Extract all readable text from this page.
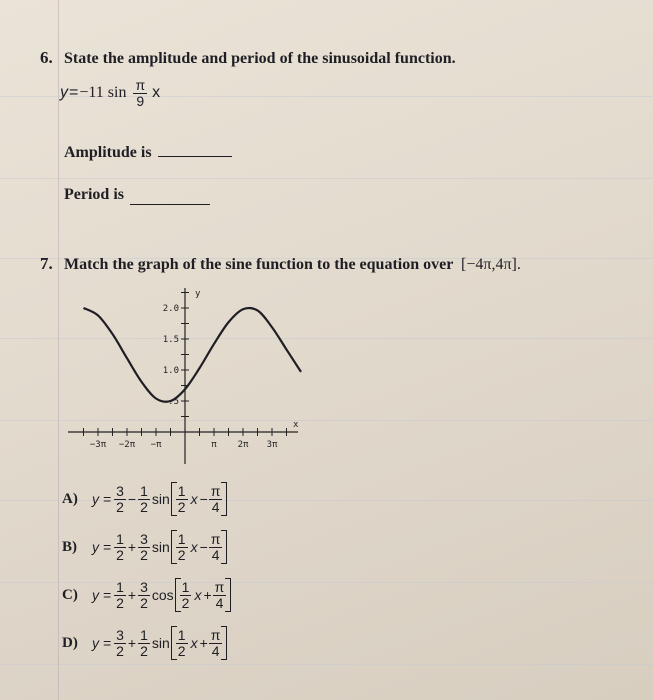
6. State the amplitude and period of the sinusoidal function.
y = −11 $\sin \frac{\pi}{9}$ x
Amplitude is
Period is
7. Match the graph of the sine function to the equation over [−4π,4π].
y
x
−3π −2π −π	π 2π 3π
2.0
1.5
1.0
.5
A)	$y = \frac{3}{2} - \frac{1}{2}$ $\sin \frac{1}{2}$ $x - \frac{\pi}{4}$
B)	$y = \frac{1}{2} + \frac{3}{2}$ $\sin \frac{1}{2}$ $x - \frac{\pi}{4}$
C)	$y = \frac{1}{2} + \frac{3}{2}$ $\cos \frac{1}{2}$ $x + \frac{\pi}{4}$
D)	$y = \frac{3}{2} + \frac{1}{2}$ $\sin \frac{1}{2}$ $x + \frac{\pi}{4}$
